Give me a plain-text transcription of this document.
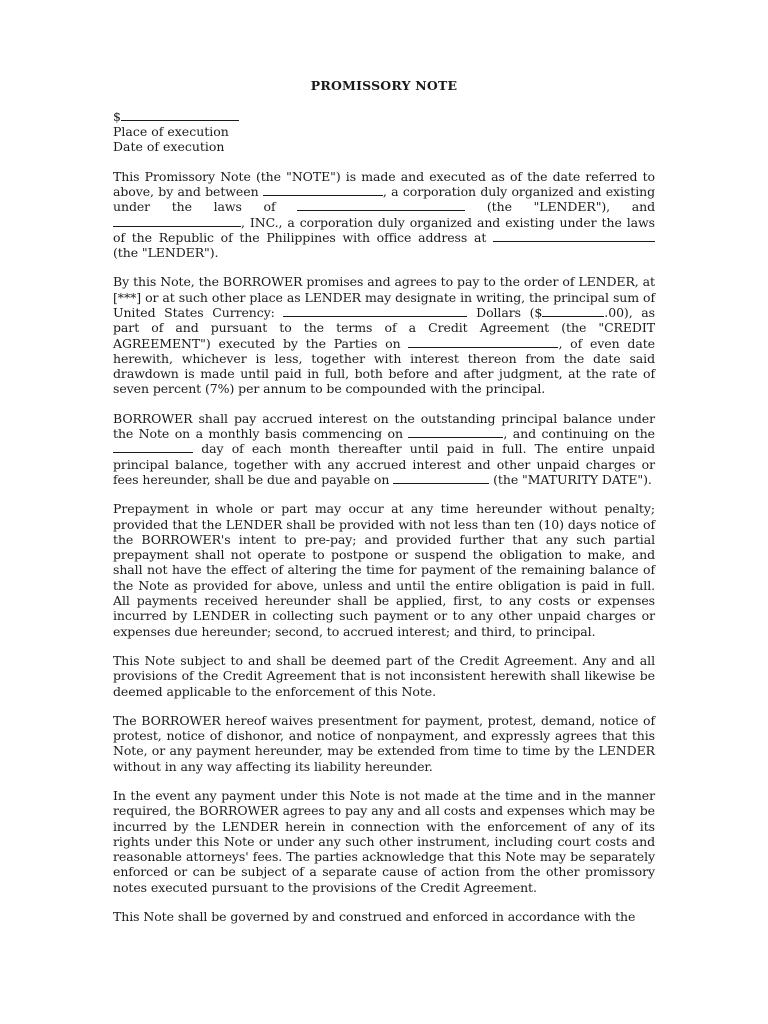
PROMISSORY NOTE
$
Place of execution
Date of execution

This Promissory Note (the "NOTE") is made and executed as of the date referred to above, by and between	, a corporation duly organized and existing under the laws of	(the "LENDER"), and , INC., a corporation duly organized and existing under the laws of the Republic of the Philippines with office address at  (the "LENDER").

By this Note, the BORROWER promises and agrees to pay to the order of LENDER, at [***] or at such other place as LENDER may designate in writing, the principal sum of United States Currency:	Dollars ($	.00), as part of and pursuant to the terms of a Credit Agreement (the "CREDIT AGREEMENT") executed by the Parties on	, of even date herewith, whichever is less, together with interest thereon from the date said drawdown is made until paid in full, both before and after judgment, at the rate of seven percent (7%) per annum to be compounded with the principal.

BORROWER shall pay accrued interest on the outstanding principal balance under the Note on a monthly basis commencing on	, and continuing on the  day of each month thereafter until paid in full. The entire unpaid principal balance, together with any accrued interest and other unpaid charges or fees hereunder, shall be due and payable on	(the "MATURITY DATE").

Prepayment in whole or part may occur at any time hereunder without penalty; provided that the LENDER shall be provided with not less than ten (10) days notice of the BORROWER's intent to pre-pay; and provided further that any such partial prepayment shall not operate to postpone or suspend the obligation to make, and shall not have the effect of altering the time for payment of the remaining balance of the Note as provided for above, unless and until the entire obligation is paid in full. All payments received hereunder shall be applied, first, to any costs or expenses incurred by LENDER in collecting such payment or to any other unpaid charges or expenses due hereunder; second, to accrued interest; and third, to principal.

This Note subject to and shall be deemed part of the Credit Agreement. Any and all provisions of the Credit Agreement that is not inconsistent herewith shall likewise be deemed applicable to the enforcement of this Note.

The BORROWER hereof waives presentment for payment, protest, demand, notice of protest, notice of dishonor, and notice of nonpayment, and expressly agrees that this Note, or any payment hereunder, may be extended from time to time by the LENDER without in any way affecting its liability hereunder.

In the event any payment under this Note is not made at the time and in the manner required, the BORROWER agrees to pay any and all costs and expenses which may be incurred by the LENDER herein in connection with the enforcement of any of its rights under this Note or under any such other instrument, including court costs and reasonable attorneys' fees. The parties acknowledge that this Note may be separately enforced or can be subject of a separate cause of action from the other promissory notes executed pursuant to the provisions of the Credit Agreement.

This Note shall be governed by and construed and enforced in accordance with the
